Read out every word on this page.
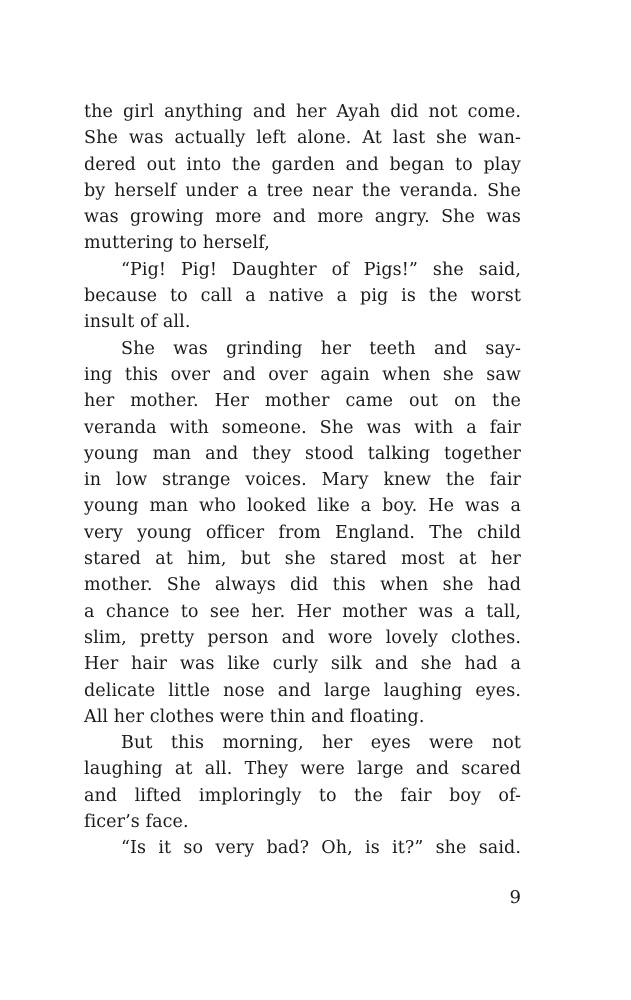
the girl anything and her Ayah did not come.
She was actually left alone. At last she wan-
dered out into the garden and began to play
by herself under a tree near the veranda. She
was growing more and more angry. She was
muttering to herself,
“Pig! Pig! Daughter of Pigs!” she said,
because to call a native a pig is the worst
insult of all.
She was grinding her teeth and say-
ing this over and over again when she saw
her mother. Her mother came out on the
veranda with someone. She was with a fair
young man and they stood talking together
in low strange voices. Mary knew the fair
young man who looked like a boy. He was a
very young officer from England. The child
stared at him, but she stared most at her
mother. She always did this when she had
a chance to see her. Her mother was a tall,
slim, pretty person and wore lovely clothes.
Her hair was like curly silk and she had a
delicate little nose and large laughing eyes.
All her clothes were thin and floating.
But this morning, her eyes were not
laughing at all. They were large and scared
and lifted imploringly to the fair boy of-
ficer’s face.
“Is it so very bad? Oh, is it?” she said.
9
